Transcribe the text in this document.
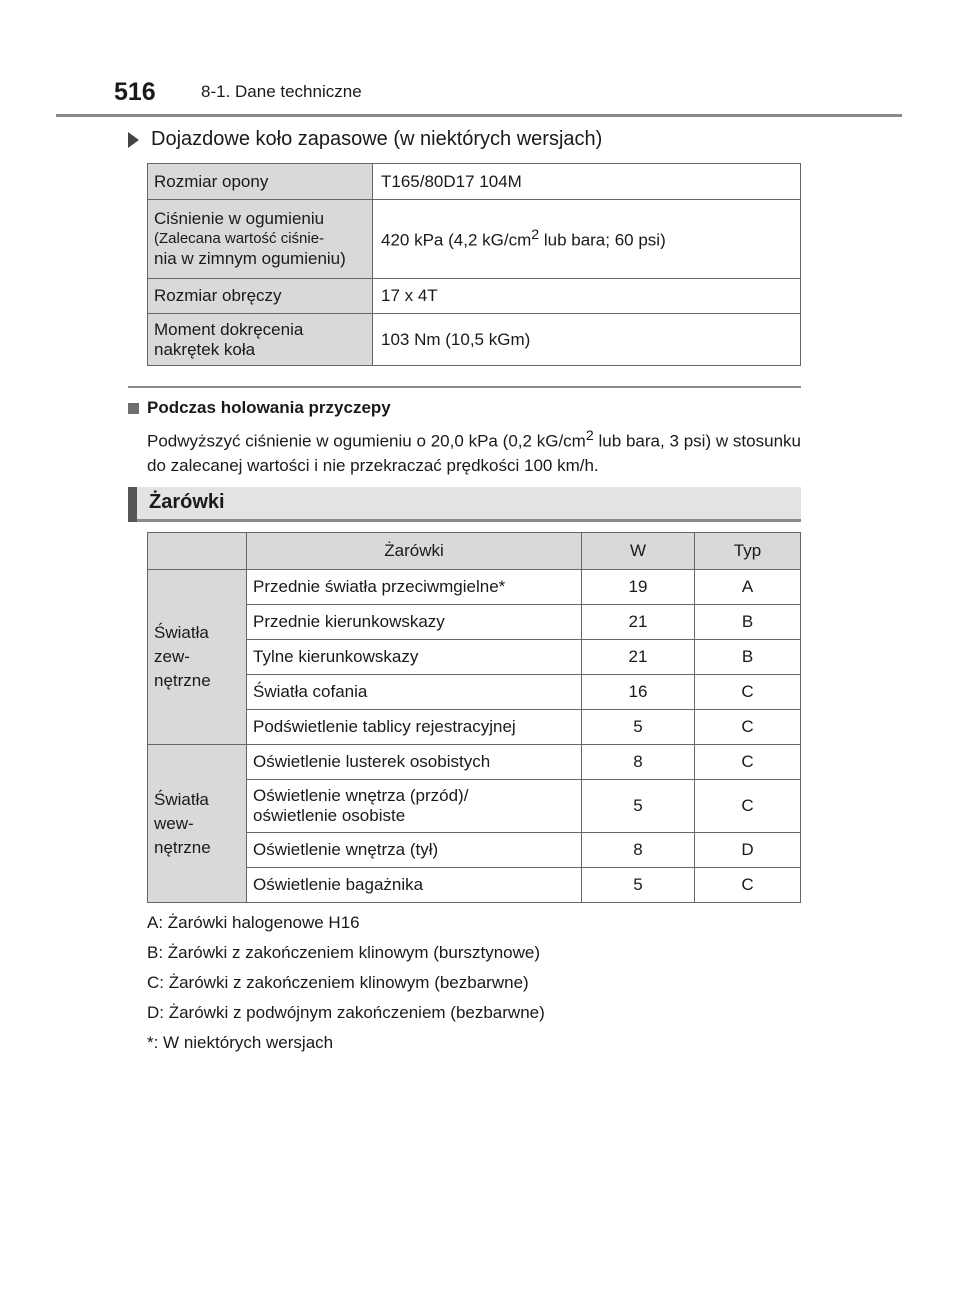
516	8-1. Dane techniczne
Dojazdowe koło zapasowe (w niektórych wersjach)
Rozmiar opony	T165/80D17 104M

Ciśnienie w ogumieniu
(Zalecana wartość ciśnie-
nia w zimnym ogumieniu)	420 kPa (4,2 $kG/cm^2$ lub bara; 60 psi)
Rozmiar obręczy	17 x 4T

Moment dokręcenia
nakrętek koła	103 Nm (10,5 kGm)
Podczas holowania przyczepy
Podwyższyć ciśnienie w ogumieniu o 20,0 kPa (0,2 $kG/cm^2$ lub bara, 3 psi) w stosunku do zalecanej wartości i nie przekraczać prędkości 100 km/h.
Żarówki
	Żarówki	W	Typ

Światła
zew-
nętrzne	Przednie światła przeciwmgielne*	19	A
	Przednie kierunkowskazy	21	B
	Tylne kierunkowskazy	21	B
	Światła cofania	16	C
	Podświetlenie tablicy rejestracyjnej	5	C

Światła
wew-
nętrzne	Oświetlenie lusterek osobistych	8	C

	Oświetlenie wnętrza (przód)/
oświetlenie osobiste	5	C
	Oświetlenie wnętrza (tył)	8	D
	Oświetlenie bagażnika	5	C
A: Żarówki halogenowe H16
B: Żarówki z zakończeniem klinowym (bursztynowe)
C: Żarówki z zakończeniem klinowym (bezbarwne)
D: Żarówki z podwójnym zakończeniem (bezbarwne)
*: W niektórych wersjach
